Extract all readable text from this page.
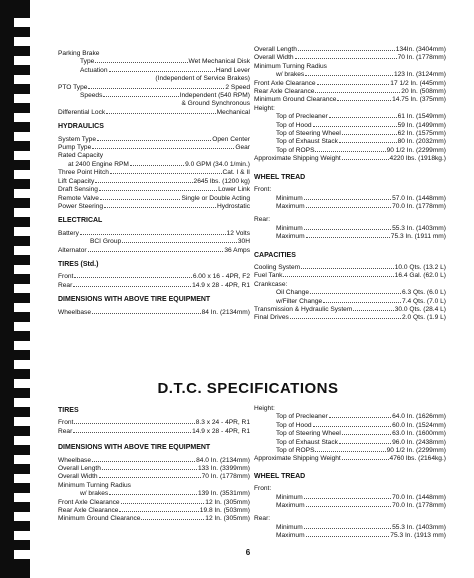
Parking Brake
Type	Wet Mechanical Disk
Actuation	Hand Lever
(Independent of Service Brakes)
PTO Type	2 Speed
Speeds	Independent (540 RPM)
& Ground Synchronous
Differential Lock	Mechanical
HYDRAULICS
System Type	Open Center
Pump Type	Gear
Rated Capacity
at 2400 Engine RPM	9.0 GPM (34.0 1/min.)
Three Point Hitch	Cat. I & II
Lift Capacity	2645 lbs. (1200 kg)
Draft Sensing	Lower Link
Remote Valve	Single or Double Acting
Power Steering	Hydrostatic
ELECTRICAL
Battery	12 Volts
BCI Group	30H
Alternator	36 Amps
TIRES (Std.)
Front	6.00 x 16 - 4PR, F2
Rear	14.9 x 28 - 4PR, R1
DIMENSIONS WITH ABOVE TIRE EQUIPMENT
Wheelbase	84 In. (2134mm)
Overall Length	134In. (3404mm)
Overall Width	70 In. (1778mm)
Minimum Turning Radius
w/ brakes	123 In. (3124mm)
Front Axle Clearance	17 1/2 In. (445mm)
Rear Axle Clearance	20 In. (508mm)
Minimum Ground Clearance	14.75 In. (375mm)
Height:
Top of Precleaner	61 In. (1549mm)
Top of Hood	59 In. (1499mm)
Top of Steering Wheel	62 In. (1575mm)
Top of Exhaust Stack	80 In. (2032mm)
Top of ROPS	90 1/2 In. (2299mm)
Approximate Shipping Weight	4220 lbs. (1918kg.)
WHEEL TREAD
Front:
Minimum	57.0 In. (1448mm)
Maximum	70.0 In. (1778mm)
Rear:
Minimum	55.3 In. (1403mm)
Maximum	75.3 In. (1911 mm)
CAPACITIES
Cooling System	10.0 Qts. (13.2 L)
Fuel Tank	16.4 Gal. (62.0 L)
Crankcase:
Oil Change	6.3 Qts. (6.0 L)
w/Filter Change	7.4 Qts. (7.0 L)
Transmission & Hydraulic System	30.0 Qts. (28.4 L)
Final Drives	2.0 Qts. (1.9 L)
D.T.C. SPECIFICATIONS
TIRES
Front	8.3 x 24 - 4PR, R1
Rear	14.9 x 28 - 4PR, R1
DIMENSIONS WITH ABOVE TIRE EQUIPMENT
Wheelbase	84.0 In. (2134mm)
Overall Length	133 In. (3399mm)
Overall Width	70 In. (1778mm)
Minimum Turning Radius
w/ brakes	139 In. (3531mm)
Front Axle Clearance	12 In. (305mm)
Rear Axle Clearance	19.8 In. (503mm)
Minimum Ground Clearance	12 In. (305mm)
Height:
Top of Precleaner	64.0 In. (1626mm)
Top of Hood	60.0 In. (1524mm)
Top of Steering Wheel	63.0 In. (1600mm)
Top of Exhaust Stack	96.0 In. (2438mm)
Top of ROPS	90 1/2 In. (2299mm)
Approximate Shipping Weight	4760 lbs. (2164kg.)
WHEEL TREAD
Front:
Minimum	70.0 In. (1448mm)
Maximum	70.0 In. (1778mm)
Rear:
Minimum	55.3 In. (1403mm)
Maximum	75.3 In. (1913 mm)
6
